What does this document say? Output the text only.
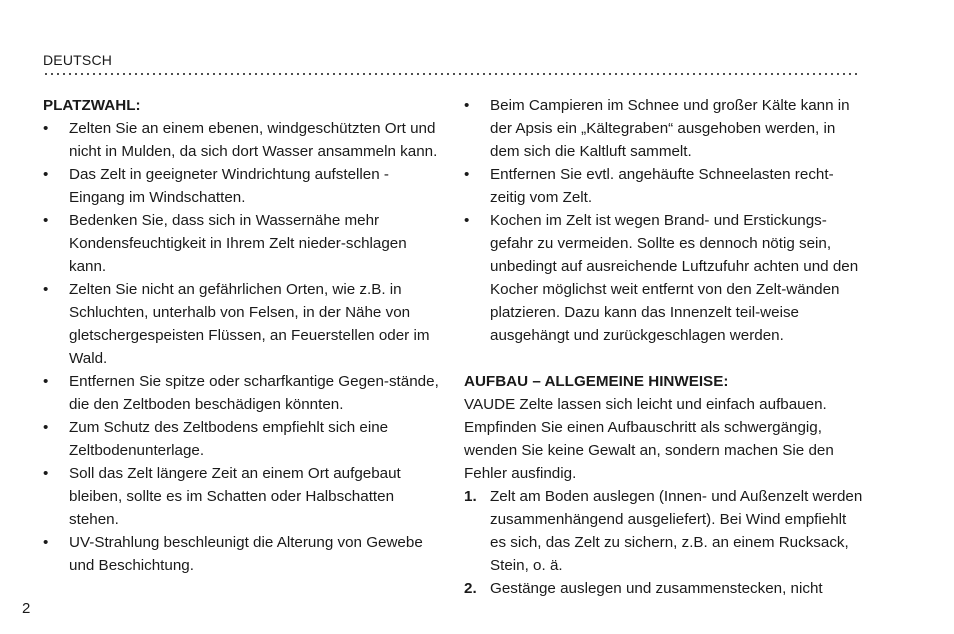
DEUTSCH

PLATZWAHL:

• Zelten Sie an einem ebenen, windgeschützten Ort und nicht in Mulden, da sich dort Wasser ansammeln kann.
• Das Zelt in geeigneter Windrichtung aufstellen - Eingang im Windschatten.
• Bedenken Sie, dass sich in Wassernähe mehr Kondensfeuchtigkeit in Ihrem Zelt nieder-schlagen kann.
• Zelten Sie nicht an gefährlichen Orten, wie z.B. in Schluchten, unterhalb von Felsen, in der Nähe von gletschergespeisten Flüssen, an Feuerstellen oder im Wald.
• Entfernen Sie spitze oder scharfkantige Gegen-stände, die den Zeltboden beschädigen könnten.
• Zum Schutz des Zeltbodens empfiehlt sich eine Zeltbodenunterlage.
• Soll das Zelt längere Zeit an einem Ort aufgebaut bleiben, sollte es im Schatten oder Halbschatten stehen.
• UV-Strahlung beschleunigt die Alterung von Gewebe und Beschichtung.
• Beim Campieren im Schnee und großer Kälte kann in der Apsis ein „Kältegraben“ ausgehoben werden, in dem sich die Kaltluft sammelt.
• Entfernen Sie evtl. angehäufte Schneelasten recht-zeitig vom Zelt.
• Kochen im Zelt ist wegen Brand- und Erstickungs-gefahr zu vermeiden. Sollte es dennoch nötig sein, unbedingt auf ausreichende Luftzufuhr achten und den Kocher möglichst weit entfernt von den Zelt-wänden platzieren. Dazu kann das Innenzelt teil-weise ausgehängt und zurückgeschlagen werden.

AUFBAU – ALLGEMEINE HINWEISE:

VAUDE Zelte lassen sich leicht und einfach aufbauen. Empfinden Sie einen Aufbauschritt als schwergängig, wenden Sie keine Gewalt an, sondern machen Sie den Fehler ausfindig.

1. Zelt am Boden auslegen (Innen- und Außenzelt werden zusammenhängend ausgeliefert). Bei Wind empfiehlt es sich, das Zelt zu sichern, z.B. an einem Rucksack, Stein, o. ä.
2. Gestänge auslegen und zusammenstecken, nicht
2
